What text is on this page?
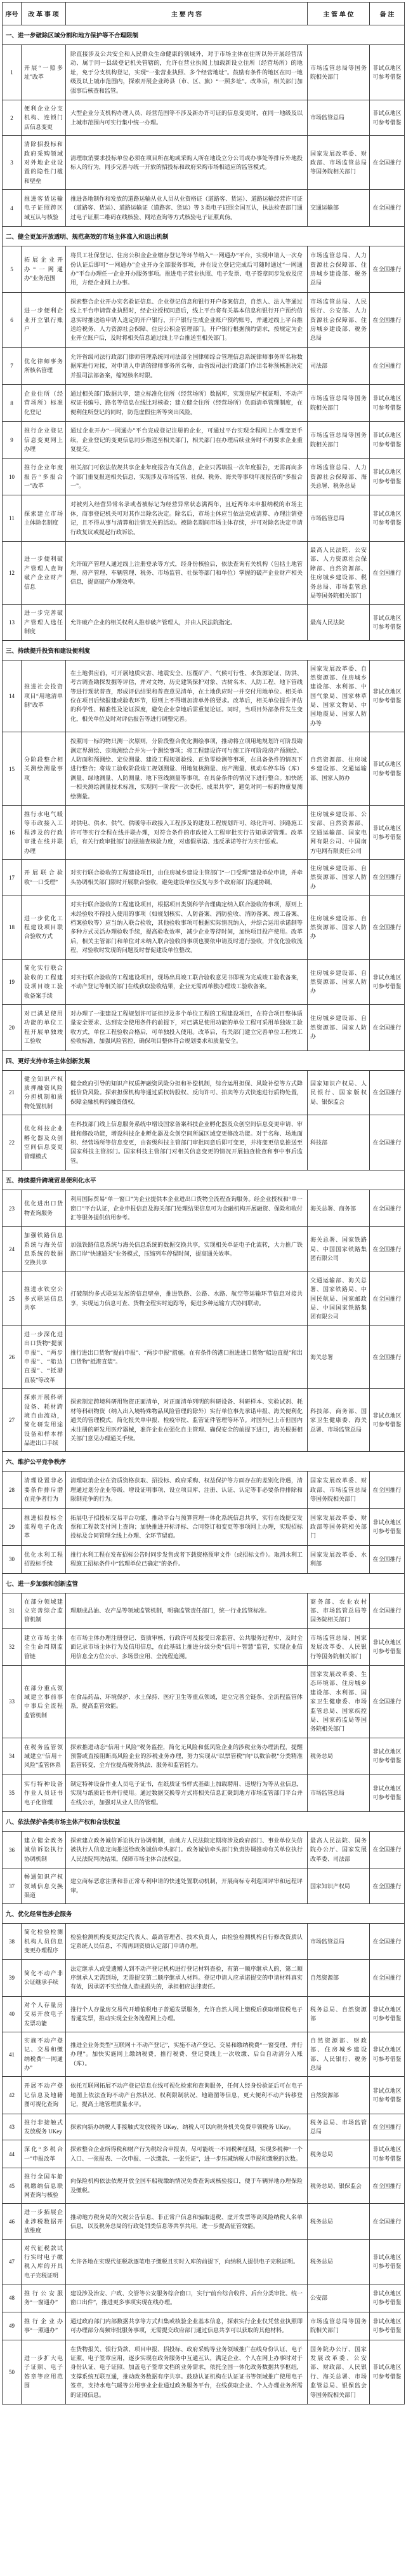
序号	改 革 事 项	主 要 内 容	主 管 单 位	备 注
一、进一步破除区域分割和地方保护等不合理限制				
1	开展“一照多址”改革	除直接涉及公共安全和人民群众生命健康的领域外，对于市场主体在住所以外开展经营活动、属于同一县级登记机关管辖的，允许在营业执照上加载新设立住所（经营场所）的地址，免于分支机构登记，实现“一张营业执照、多个经营地址”。鼓励有条件的地区在同一地级及以上城市范围内，探索开展企业跨县（市、区、旗）“一照多址”。改革后，相关部门加强事后核查和监管。	市场监管总局等国务院相关部门	非试点地区可参考借鉴
2	便利企业分支机构、连锁门店信息变更	大型企业分支机构办理人员、经营范围等不涉及新办许可证的信息变更时，在同一地级及以上城市范围内可实行集中统一办理。	市场监管总局	非试点地区可参考借鉴
3	清除招投标和政府采购领域对外地企业设置的隐性门槛和壁垒	清理取消要求投标单位必须在项目所在地或采购人所在地设立分公司或办事处等排斥外地投标人的行为，同步完善与统一开放的招投标和政府采购市场相适应的监管模式。	国家发展改革委、财政部、市场监管总局等国务院相关部门	在全国推行
4	推进客货运输电子证照跨区域互认与核验	推进各地制作和发放的道路运输从业人员从业资格证（道路客、货运）、道路运输经营许可证（道路客、货运）、道路运输证（道路客、货运）等 3 类电子证照全国互认，执法检查部门通过电子证照二维码在线核验、网站查询等方式核验电子证照真伪。	交通运输部	在全国推行
二、健全更加开放透明、规范高效的市场主体准入和退出机制				
5	拓展企业开办“一网通办”业务范围	将员工社保登记、住房公积金企业缴存登记等环节纳入“一网通办”平台，实现申请人一次身份认证后即可“一网通办”企业开办全部服务事项，并在设立登记完成后可随时通过“一网通办”平台办理任一企业开办服务事项。推进电子营业执照、电子发票、电子签章同步发放及应用，方便企业网上办事。	市场监管总局、人力资源社会保障部、住房城乡建设部、税务总局	在全国推行
6	进一步便利企业开立银行账户	探索整合企业开办实名验证信息、企业登记信息和银行开户备案信息，自然人、法人等通过线上平台申请营业执照时，经企业授权同意后，线上平台将有关基本信息和银行开户预约信息实时推送给申请人选定的开户银行，开户银行生成企业账户预约账号，并通过线上平台推送给税务、人力资源社会保障、住房公积金管理部门。开户银行根据预约需求，按规定为企业开立账户后，及时将相关信息通过线上平台推送至相关部门。	市场监管总局、人民银行、公安部、人力资源社会保障部、住房城乡建设部、税务总局	在全国推行
7	优化律师事务所核名管理	允许省级司法行政部门律师管理系统同司法部全国律师综合管理信息系统律师事务所名称数据库进行对接，对申请人申请的律师事务所名称，由省级司法行政部门作出名称预核准决定并报司法部备案，缩短核名时限。	司法部	在全国推行
8	企业住所（经营场所）标准化登记	通过相关部门数据共享，建立标准化住所（经营场所）数据库，实现房屋产权证明、不动产权证书编号、路名等信息在线比对核验；建立健全住所（经营场所）负面清单管理制度，在便利住所登记的同时，防范虚假住所等突出风险。	市场监管总局等国务院相关部门	非试点地区可参考借鉴
9	推行企业登记信息变更网上办理	通过企业开办“一网通办”平台完成登记注册的企业，可通过平台实现全程网上办理变更手续，企业登记的变更信息同步推送至相关部门，相关部门在办理后续业务时不再要求企业重复提交。	市场监管总局等国务院相关部门	非试点地区可参考借鉴
10	推行企业年度报告“多报合一”改革	相关部门可依法依规共享企业年度报告有关信息，企业只需填报一次年度报告，无需再向多个部门重复报送相关信息，实现涉及市场监管、社保、税务、海关等事项年度报告的“多报合一”。	市场监管总局、人力资源社会保障部、海关总署、税务总局	非试点地区可参考借鉴
11	探索建立市场主体除名制度	对被列入经营异常名录或者被标记为经营异常状态满两年，且近两年未申报纳税的市场主体，商事登记机关可对其作出除名决定。除名后，市场主体应当依法完成清算、办理注销登记，且不得从事与清算和注销无关的活动。被除名期间市场主体存续，并可对除名决定申请行政复议或提起行政诉讼。	市场监管总局	非试点地区可参考借鉴
12	进一步便利破产管理人查询破产企业财产信息	允许破产管理人通过线上注册登录等方式，经身份核验后，依法查询有关机构（包括土地管理、房产管理、车辆管理、税务、市场监管、社保等部门和单位）掌握的破产企业财产相关信息，提高破产办理效率。	最高人民法院、公安部、人力资源社会保障部、自然资源部、住房城乡建设部、税务总局、市场监管总局等国务院相关部门	在全国推行
13	进一步完善破产管理人选任制度	允许破产企业的相关权利人推荐破产管理人，并由人民法院指定。	最高人民法院	非试点地区可参考借鉴
三、持续提升投资和建设便利度				
14	推进社会投资项目“用地清单制”改革	在土地供应前，可开展地质灾害、地震安全、压覆矿产、气候可行性、水资源论证、防洪、考古调查勘探发掘等评估，并对文物、历史建筑保护对象、古树名木、人防工程、地下管线等进行现状普查，形成评估结果和普查意见清单，在土地供应时一并交付用地单位。相关单位在项目后续报建或验收环节，原则上不得增加清单外的要求。改革后，相关单位提升评估的科学性、精准性及论证深度，避免企业拿地后需重复论证。同时，当项目外部条件发生变化，相关单位及时对评估报告等进行调整完善。	国家发展改革委、自然资源部、住房城乡建设部、水利部、中国气象局、国家林草局、国家文物局、中国地震局、国家人防办等	非试点地区可参考借鉴
15	分阶段整合相关测绘测量事项	按照同一标的物只测一次原则，分阶段整合优化测绘事项，推动将立项用地规划许可阶段勘测定界测绘、宗地测绘合并为一个测绘事项；将工程建设许可与施工许可阶段房产预测绘、人防面积预测绘、定位测量、建设工程规划验线、正负零检测等事项，在具备条件的情况下进行整合；将竣工验收阶段竣工规划测量、用地复核测量、房产测量、机动车停车场（库）测量、绿地测量、人防测量、地下管线测量等事项，在具备条件的情况下进行整合。加快统一相关测绘测量技术标准，实现同一阶段“一次委托、成果共享”，避免对同一标的物重复测绘测量。	自然资源部、住房城乡建设部、交通运输部、国家人防办	非试点地区可参考借鉴
16	推行水电气暖等市政接入工程涉及的行政审批在线并联办理	对供电、供水、供气、供暖等市政接入工程涉及的建设工程规划许可、绿化许可、涉路施工许可等实行全程在线并联办理，对符合条件的市政接入工程审批实行告知承诺管理。改革后，有关行政审批部门加强抽查核验力度，对虚假承诺、违反承诺等行为实行惩戒。	住房城乡建设部、公安部、自然资源部、交通运输部、国家电网有限公司、中国南方电网有限责任公司	非试点地区可参考借鉴
17	开展联合验收“一口受理”	对实行联合验收的工程建设项目，由住房城乡建设主管部门“一口受理”建设单位申请，并牵头协调相关部门限时开展联合验收，避免建设单位反复与多个政府部门沟通协调。	住房城乡建设部、自然资源部、国家人防办	在全国推行
18	进一步优化工程建设项目联合验收方式	对实行联合验收的工程建设项目，根据项目类别科学合理确定纳入联合验收的事项，原则上未经验收不得投入使用的事项（如规划核实、人防备案、消防验收、消防备案、竣工备案、档案验收等）应当纳入联合验收，其他验收事项可根据实际情况纳入，并综合运用承诺制等多种方式灵活办理验收手续，提高验收效率，减少企业等待时间，加快项目投产使用。改革后，相关主管部门和单位对未纳入联合验收的事项也要依申请及时进行验收，并优化验收流程，对验收时发现的问题及时督促建设单位整改。	住房城乡建设部、自然资源部、国家人防办	在全国推行
19	简化实行联合验收的工程建设项目竣工验收备案手续	对实行联合验收的工程建设项目，现场出具竣工联合验收意见书即视为完成竣工验收备案，不动产登记等相关部门在线获取验收结果，企业无需再单独办理竣工验收备案。	住房城乡建设部、自然资源部、国家人防办	非试点地区可参考借鉴
20	对已满足使用功能的单位工程开展单独竣工验收	对办理了一张建设工程规划许可证但涉及多个单位工程的工程建设项目，在符合项目整体质量安全要求、达到安全使用条件的前提下，对已满足使用功能的单位工程可采用单独竣工验收方式，单位工程验收合格后，可单独投入使用。改革后，有关部门建立完善单位工程竣工验收标准，加强风险管控，确保项目整体符合规划要求和质量安全。	住房城乡建设部、自然资源部、国家人防办	在全国推行
四、更好支持市场主体创新发展				
21	健全知识产权质押融资风险分担机制和质物处置机制	健全政府引导的知识产权质押融资风险分担和补偿机制，综合运用担保、风险补偿等方式降低信贷风险。探索担保机构等通过质权转股权、反向许可、拍卖等方式快速进行质物处置，保障金融机构的融资债权。	国家知识产权局、人民银行、国家版权局、银保监会	在全国推行
22	优化科技企业孵化器及众创空间信息变更管理模式	在科技部门线上信息服务系统中增设国家备案科技企业孵化器及众创空间信息变更申请、审批和修改功能，增设科技企业孵化器及众创空间所属区域变更修改功能。对于名称、场地面积、经营场所等信息变更，由省级科技主管部门审批同意后即可变更，并将变更信息推送至国家科技主管部门。国家科技主管部门对相关信息变更的情况开展抽查检查和事中事后监管。	科技部	在全国推行
五、持续提升跨境贸易便利化水平				
23	优化进出口货物查询服务	利用国际贸易“单一窗口”为企业提供本企业进出口货物全流程查询服务。经企业授权和“单一窗口”平台认证，企业申报信息及海关部门处理结果信息可为金融机构开展融资、保险和收付汇等服务提供信用参考。	海关总署、商务部	在全国推行
24	加强铁路信息系统与海关信息系统的数据交换共享	加强铁路信息系统与海关信息系统的数据交换共享，实现相关单证电子化流转，大力推广铁路口岸“快速通关”业务模式，压缩列车停留时间，提高通关效率。	海关总署、国家铁路局、中国国家铁路集团有限公司	在全国推行
25	推进水铁空公多式联运信息共享	打破制约多式联运发展的信息壁垒，推进铁路、公路、水路、航空等运输环节信息对接共享，实现运力信息可查、货物全程实时追踪等，促进多种运输方式协同联动。	交通运输部、海关总署、国家铁路局、中国民航局、国家邮政局、中国国家铁路集团有限公司	在全国推行
26	进一步深化进出口货物“提前申报”、“两步申报”、“船边直提”、“抵港直装”等改革	推行进出口货物“提前申报”、“两步申报”措施。在有条件的港口推进进口货物“船边直提”和出口货物“抵港直装”。	海关总署	在全国推行
27	探索开展科研设备、耗材跨境自由流动，简化研发用途设备和样本样品进出口手续	探索制定跨境科研用物资正面清单，对正面清单列明的科研设备、科研样本、实验试剂、耗材等科研物资（纳入出入境特殊物品风险管理的除外）实行单位事先承诺申报、海关便利化通关的管理模式，简化报关单申报、检疫审批、监管证件管理等环节。对国外已上市但国内未注册的研发用医疗器械，准许企业在强化自主管理、确保安全的前提下进口，海关根据相关部门意见办理通关手续。	科技部、商务部、国家卫生健康委、海关总署、市场监管总局	非试点地区可参考借鉴
六、维护公平竞争秩序				
28	清理设置非必要条件排斥潜在竞争者行为	清理取消企业在资质资格获取、招投标、政府采购、权益保护等方面存在的差别化待遇，清理通过划分企业等级、增设证明事项、设立项目库、注册、认证、认定等非必要条件排除和限制竞争的行为。	国家发展改革委、财政部、市场监管总局等国务院相关部门	在全国推行
29	推进招投标全流程电子化改革	拓展电子招投标交易平台功能，推动平台与预算管理一体化系统信息共享，实行在线提交发票和工程款支付网上查询；加快推进开标评标、合同签订和变更等事项网上办理，实现招标投标及合同管理全线上办理、全环节留痕。	国家发展改革委、财政部等国务院相关部门	非试点地区可参考借鉴
30	优化水利工程招投标手续	推行水利工程在发布招标公告时同步发售或者下载资格预审文件（或招标文件）。取消水利工程施工招标条件中“监理单位已确定”的条件。	国家发展改革委、水利部	在全国推行
七、进一步加强和创新监管				
31	在部分领域建立完善综合监管机制	理顺成品油、农产品等领域监管机制，明确监管责任部门，统一行业监管标准。	商务部、农业农村部、市场监管总局等国务院相关部门	在全国推行
32	建立市场主体全生命周期监管链	在市场主体办理注册登记、资质审核、行政许可及接受日常监管、公共服务过程中，及时全面记录市场主体行为及信用信息，在此基础上推进分级分类“信用＋智慧”监管，实现企业信用信息全方位公示、多场景应用、全流程追溯。	市场监管总局、国家发展改革委、人民银行等国务院相关部门	非试点地区可参考借鉴
33	在部分重点领域建立事前事中事后全流程监管机制	在食品药品、环境保护、水土保持、医疗卫生等重点领域，建立完善全链条、全流程监管体系，提高监管效能。	国家发展改革委、生态环境部、住房城乡建设部、水利部、国家卫生健康委、市场监管总局、国家疾控局、国家药监局等国务院相关部门	在全国推行
34	在税务监管领域建立“信用＋风险”监管体系	探索推进动态“信用＋风险”税务监控，简化无风险和低风险企业的涉税业务办理流程，提醒预警或直接阻断高风险企业的涉税业务办理，努力实现从“以票管税”向“以数治税”分类精准监管转变，全方位提高税务执法、服务和监管能力。	税务总局	非试点地区可参考借鉴
35	实行特种设备作业人员证书电子化管理	制定特种设备作业人员电子证书，在纸质证书样式基础上加载聘用、违规行为等从业信息，实现与纸质证书并行使用。通过数据交换等方式将相关信息汇聚到地方市场监管部门平台并在线公示，加强对从业人员的管理。	市场监管总局	非试点地区可参考借鉴
八、依法保护各类市场主体产权和合法权益				
36	建立健全政务诚信诉讼执行协调机制	探索建立政务诚信诉讼执行协调机制，由地方人民法院定期将涉及政府部门、事业单位失信被执行人信息定向推送给政务诚信牵头部门。政务诚信牵头部门负责协调推动有关单位执行人民法院判决结果，保障市场主体合法权益。	最高人民法院、国务院办公厅、国家发展改革委、司法部	在全国推行
37	畅通知识产权领域信息交换渠道	建立商标恶意注册和非正常专利申请的快速处置联动机制，开展商标专利巡回评审和远程评审。	国家知识产权局	在全国推行
九、优化经常性涉企服务				
38	简化检验检测机构人员信息变更办理程序	检验检测机构变更法定代表人、最高管理者、技术负责人，由检验检测机构自行修改资质认定系统人员信息，不需再到资质认定部门申请办理。	市场监管总局	在全国推行
39	简化不动产非公证继承手续	法定继承人或受遗赠人到不动产登记机构进行登记材料查验，有第一顺序继承人的，第二顺序继承人无需到场，无需提交第二顺序继承人材料。登记申请人应承诺提交的申请材料真实有效，因承诺不实给他人造成损失的，承担相应法律责任。	自然资源部	在全国推行
40	对个人存量房交易开放电子发票功能	推行个人存量房交易代开增值税电子普通发票服务，允许自然人网上缴税后获取增值税电子普通发票，推动实现全业务流程网上办理。	税务总局、自然资源部	非试点地区可参考借鉴
41	实施不动产登记、交易和缴纳税费“一网通办”	推进全业务类型“互联网＋不动产登记”，实施不动产登记、交易和缴纳税费“一窗受理、并行办理”。加快实施网上缴纳税费，推行税费、登记费线上一次收缴、后台自动清分入账（库）。	自然资源部、财政部、住房城乡建设部、人民银行、税务总局	非试点地区可参考借鉴
42	开展不动产登记信息及地籍图可视化查询	依托互联网拓展不动产登记信息在线可视化检索和查询服务，任何人经身份验证后可在电子地图上依法查询不动产自然状况、权利限制状况、地籍图等信息，更大便利不动产转移登记，提高土地管理质量水平。	自然资源部	非试点地区可参考借鉴
43	推行非接触式发放税务 UKey	探索向新办纳税人非接触式发放税务 UKey，纳税人可以向税务机关免费申领税务 UKey。	税务总局、市场监管总局	在全国推行
44	深化“多税合一”申报改革	探索整合企业所得税和财产行为税综合申报表，尽可能统一不同税种征期，实现多税种“一个入口、一张报表、一次申报、一次缴款、一张凭证”，进一步压减纳税人申报和缴税的次数。	税务总局	非试点地区可参考借鉴
45	推行全国车船税缴纳信息联网查询与核验	向保险机构依法依规开放全国车船税缴纳情况免费查询或核验接口，便于车辆异地办理保险及缴税。	税务总局、银保监会	在全国推行
46	进一步拓展企业涉税数据开放维度	推动地方税务局的欠税公告信息、非正常户信息和骗取退税、虚开发票等高风险纳税人名单信息，以及税务总局的行政处罚类信息等共享共用，进一步提高征管效能。	税务总局	在全国推行
47	对代征税款试行实时电子缴税入库的开具电子完税证明	允许各地在实现代征税款逐笔电子缴税且实时入库的前提下，向纳税人提供电子完税证明。	税务总局	非试点地区可参考借鉴
48	推行公安服务“一窗通办”	建设涉及治安、户政、交管等公安服务综合窗口，实行“前台综合收件、后台分类审批、统一窗口出件”，推进更多事项实现在线办理。	公安部	非试点地区可参考借鉴
49	推行企业办事“一照通办”	通过政府部门内部数据共享等方式归集或核验企业基本信息，探索实行企业仅凭营业执照即可办理部分高频审批服务事项，无需提交政府部门通过信息共享可以获取的其他材料。	市场监管总局等国务院相关部门	非试点地区可参考借鉴
50	进一步扩大电子证照、电子签章等应用范围	在货物报关、银行贷款、项目申报、招投标、政府采购等业务领域推广在线身份认证、电子证照、电子签章应用，逐步实现在政务服务中互通互认，满足企业、个人在网上办事时对于身份认证、电子证照、加盖电子签章文档的业务需求，依托全国一体化政务数据共享枢纽，支撑系统互联互通，推动政务数据有序共享。鼓励认证机构在认证证书等领域推广使用电子签章，支持水电气暖等公用事业企业通过政务服务平台，在线获取企业、个人办理业务所需的证照信息。	国务院办公厅、国家发展改革委、公安部、财政部、人民银行、海关总署、市场监管总局、银保监会等国务院相关部门	非试点地区可参考借鉴
